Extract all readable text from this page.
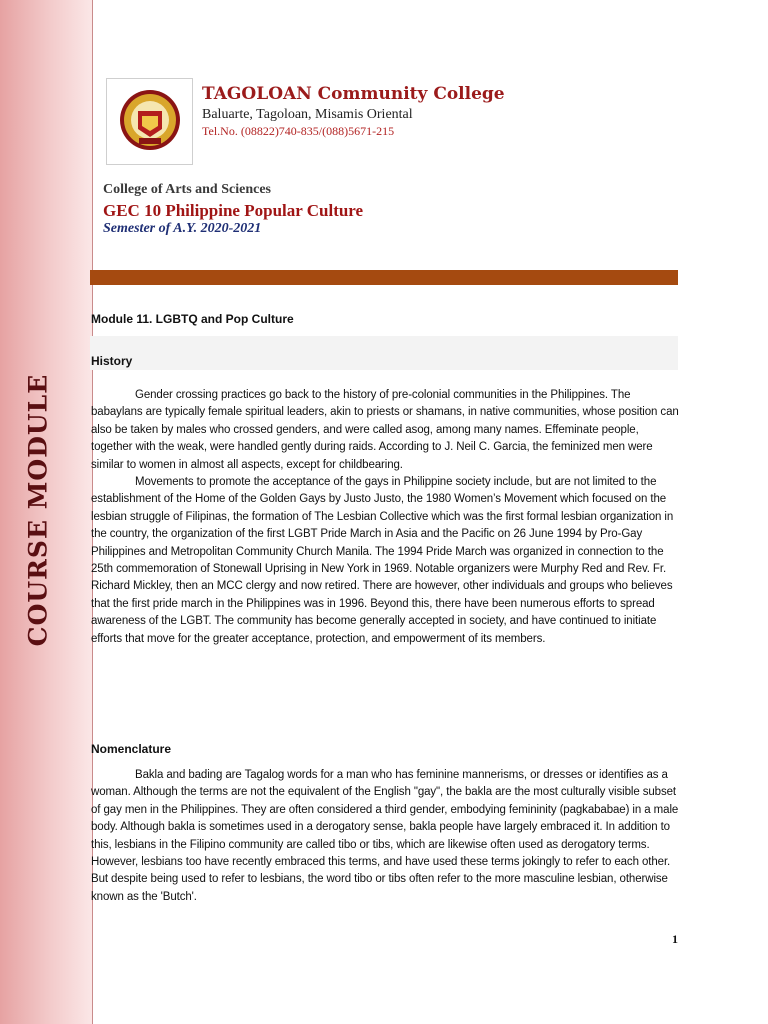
COURSE MODULE
TAGOLOAN Community College
Baluarte, Tagoloan, Misamis Oriental
Tel.No. (08822)740-835/(088)5671-215
College of Arts and Sciences
GEC 10 Philippine Popular Culture
Semester of A.Y. 2020-2021
Module 11. LGBTQ and Pop Culture
History

Gender crossing practices go back to the history of pre-colonial communities in the Philippines. The babaylans are typically female spiritual leaders, akin to priests or shamans, in native communities, whose position can also be taken by males who crossed genders, and were called asog, among many names. Effeminate people, together with the weak, were handled gently during raids. According to J. Neil C. Garcia, the feminized men were similar to women in almost all aspects, except for childbearing.

Movements to promote the acceptance of the gays in Philippine society include, but are not limited to the establishment of the Home of the Golden Gays by Justo Justo, the 1980 Women’s Movement which focused on the lesbian struggle of Filipinas, the formation of The Lesbian Collective which was the first formal lesbian organization in the country, the organization of the first LGBT Pride March in Asia and the Pacific on 26 June 1994 by Pro-Gay Philippines and Metropolitan Community Church Manila. The 1994 Pride March was organized in connection to the 25th commemoration of Stonewall Uprising in New York in 1969. Notable organizers were Murphy Red and Rev. Fr. Richard Mickley, then an MCC clergy and now retired. There are however, other individuals and groups who believes that the first pride march in the Philippines was in 1996. Beyond this, there have been numerous efforts to spread awareness of the LGBT. The community has become generally accepted in society, and have continued to initiate efforts that move for the greater acceptance, protection, and empowerment of its members.

Nomenclature

Bakla and bading are Tagalog words for a man who has feminine mannerisms, or dresses or identifies as a woman. Although the terms are not the equivalent of the English "gay", the bakla are the most culturally visible subset of gay men in the Philippines. They are often considered a third gender, embodying femininity (pagkababae) in a male body. Although bakla is sometimes used in a derogatory sense, bakla people have largely embraced it. In addition to this, lesbians in the Filipino community are called tibo or tibs, which are likewise often used as derogatory terms. However, lesbians too have recently embraced this terms, and have used these terms jokingly to refer to each other. But despite being used to refer to lesbians, the word tibo or tibs often refer to the more masculine lesbian, otherwise known as the 'Butch'.

1
